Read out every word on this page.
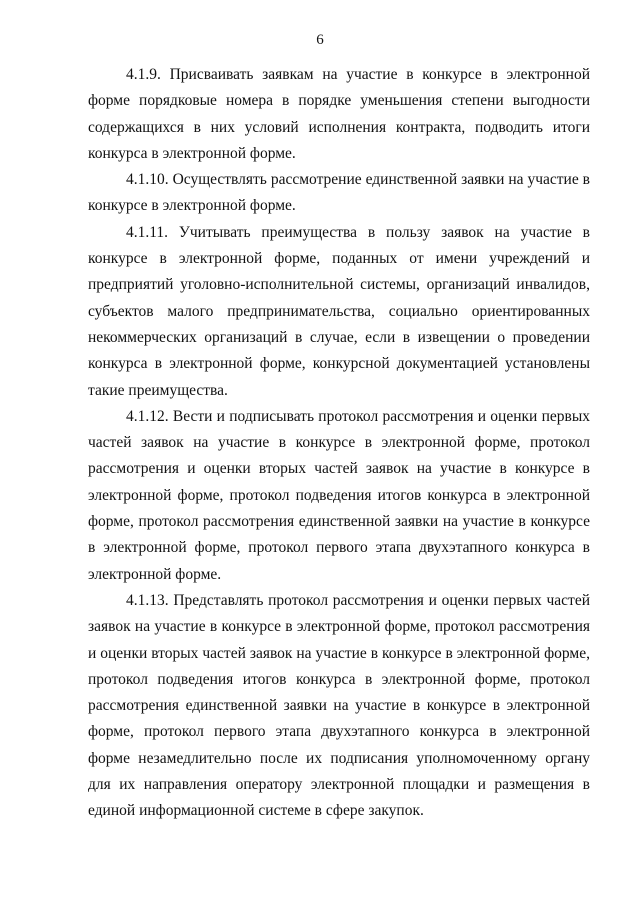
6

4.1.9. Присваивать заявкам на участие в конкурсе в электронной форме порядковые номера в порядке уменьшения степени выгодности содержащихся в них условий исполнения контракта, подводить итоги конкурса в электронной форме.

4.1.10. Осуществлять рассмотрение единственной заявки на участие в конкурсе в электронной форме.

4.1.11. Учитывать преимущества в пользу заявок на участие в конкурсе в электронной форме, поданных от имени учреждений и предприятий уголовно-исполнительной системы, организаций инвалидов, субъектов малого предпринимательства, социально ориентированных некоммерческих организаций в случае, если в извещении о проведении конкурса в электронной форме, конкурсной документацией установлены такие преимущества.

4.1.12. Вести и подписывать протокол рассмотрения и оценки первых частей заявок на участие в конкурсе в электронной форме, протокол рассмотрения и оценки вторых частей заявок на участие в конкурсе в электронной форме, протокол подведения итогов конкурса в электронной форме, протокол рассмотрения единственной заявки на участие в конкурсе в электронной форме, протокол первого этапа двухэтапного конкурса в электронной форме.

4.1.13. Представлять протокол рассмотрения и оценки первых частей заявок на участие в конкурсе в электронной форме, протокол рассмотрения и оценки вторых частей заявок на участие в конкурсе в электронной форме, протокол подведения итогов конкурса в электронной форме, протокол рассмотрения единственной заявки на участие в конкурсе в электронной форме, протокол первого этапа двухэтапного конкурса в электронной форме незамедлительно после их подписания уполномоченному органу для их направления оператору электронной площадки и размещения в единой информационной системе в сфере закупок.
